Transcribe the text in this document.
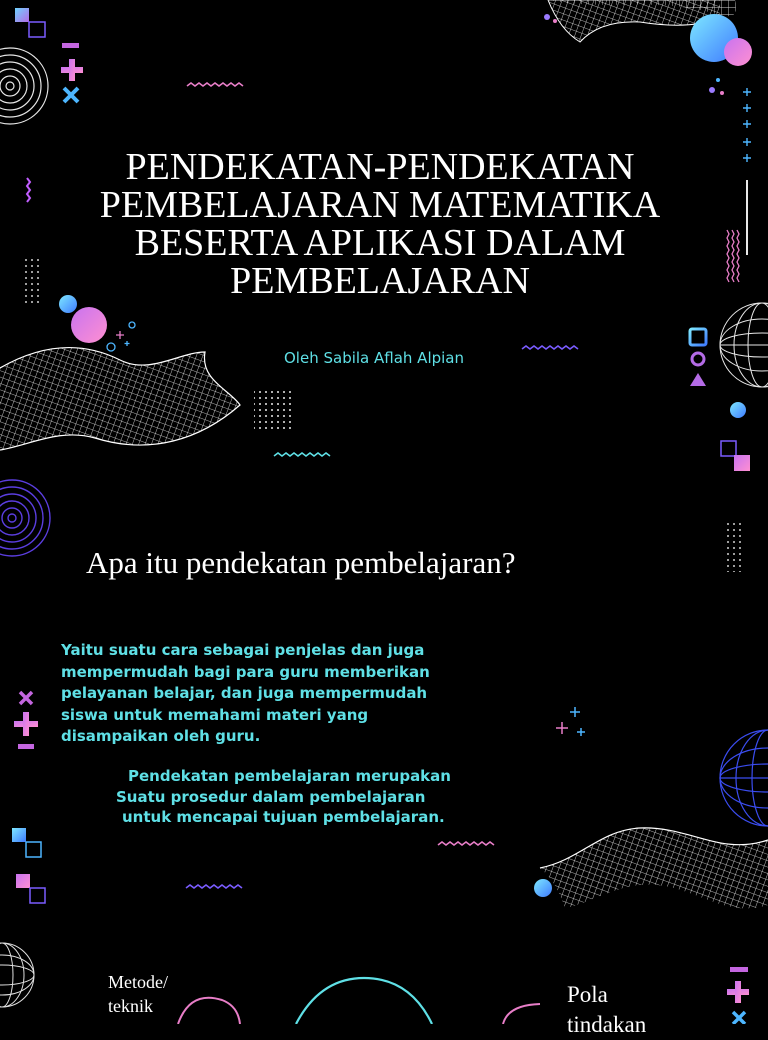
PENDEKATAN-PENDEKATAN
PEMBELAJARAN MATEMATIKA
BESERTA APLIKASI DALAM
PEMBELAJARAN
Oleh Sabila Aflah Alpian
Apa itu pendekatan pembelajaran?
Yaitu suatu cara sebagai penjelas dan juga
mempermudah bagi para guru memberikan
pelayanan belajar, dan juga mempermudah
siswa untuk memahami materi yang
disampaikan oleh guru.
Pendekatan pembelajaran merupakan
Suatu prosedur dalam pembelajaran
untuk mencapai tujuan pembelajaran.
Metode/
teknik	Pola
tindakan
